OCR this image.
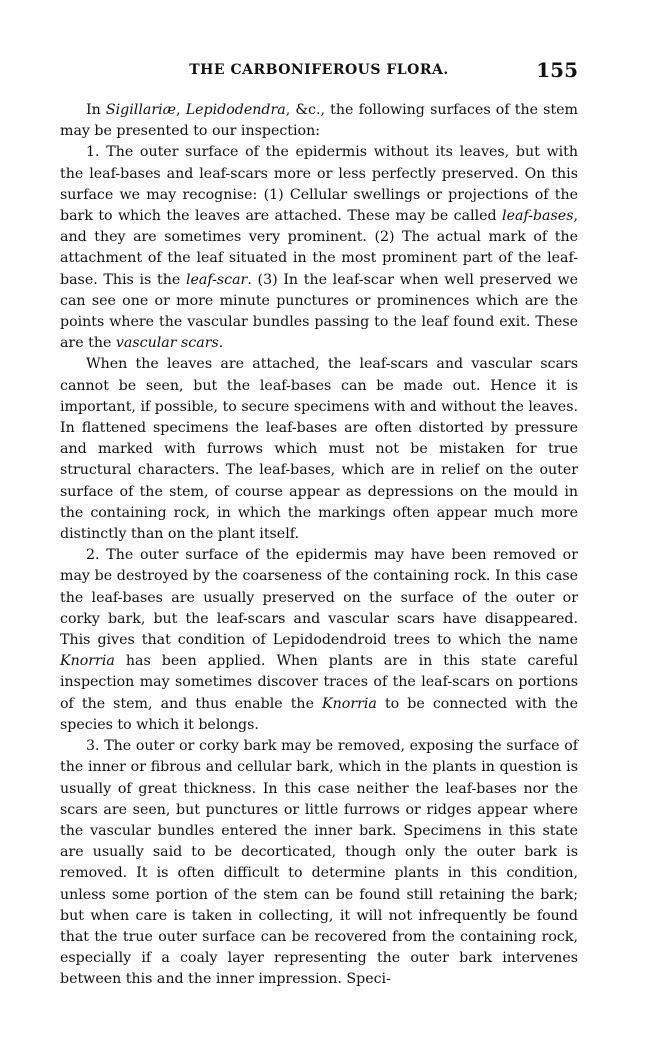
THE CARBONIFEROUS FLORA.	155

In Sigillariæ, Lepidodendra, &c., the following surfaces of the stem may be presented to our inspection:

1. The outer surface of the epidermis without its leaves, but with the leaf-bases and leaf-scars more or less perfectly preserved. On this surface we may recognise: (1) Cellular swellings or projections of the bark to which the leaves are attached. These may be called leaf-bases, and they are sometimes very prominent. (2) The actual mark of the attachment of the leaf situated in the most prominent part of the leaf-base. This is the leaf-scar. (3) In the leaf-scar when well preserved we can see one or more minute punctures or prominences which are the points where the vascular bundles passing to the leaf found exit. These are the vascular scars.

When the leaves are attached, the leaf-scars and vascular scars cannot be seen, but the leaf-bases can be made out. Hence it is important, if possible, to secure specimens with and without the leaves. In flattened specimens the leaf-bases are often distorted by pressure and marked with furrows which must not be mistaken for true structural characters. The leaf-bases, which are in relief on the outer surface of the stem, of course appear as depressions on the mould in the containing rock, in which the markings often appear much more distinctly than on the plant itself.

2. The outer surface of the epidermis may have been removed or may be destroyed by the coarseness of the containing rock. In this case the leaf-bases are usually preserved on the surface of the outer or corky bark, but the leaf-scars and vascular scars have disappeared. This gives that condition of Lepidodendroid trees to which the name Knorria has been applied. When plants are in this state careful inspection may sometimes discover traces of the leaf-scars on portions of the stem, and thus enable the Knorria to be connected with the species to which it belongs.

3. The outer or corky bark may be removed, exposing the surface of the inner or fibrous and cellular bark, which in the plants in question is usually of great thickness. In this case neither the leaf-bases nor the scars are seen, but punctures or little furrows or ridges appear where the vascular bundles entered the inner bark. Specimens in this state are usually said to be decorticated, though only the outer bark is removed. It is often difficult to determine plants in this condition, unless some portion of the stem can be found still retaining the bark; but when care is taken in collecting, it will not infrequently be found that the true outer surface can be recovered from the containing rock, especially if a coaly layer representing the outer bark intervenes between this and the inner impression. Speci-
